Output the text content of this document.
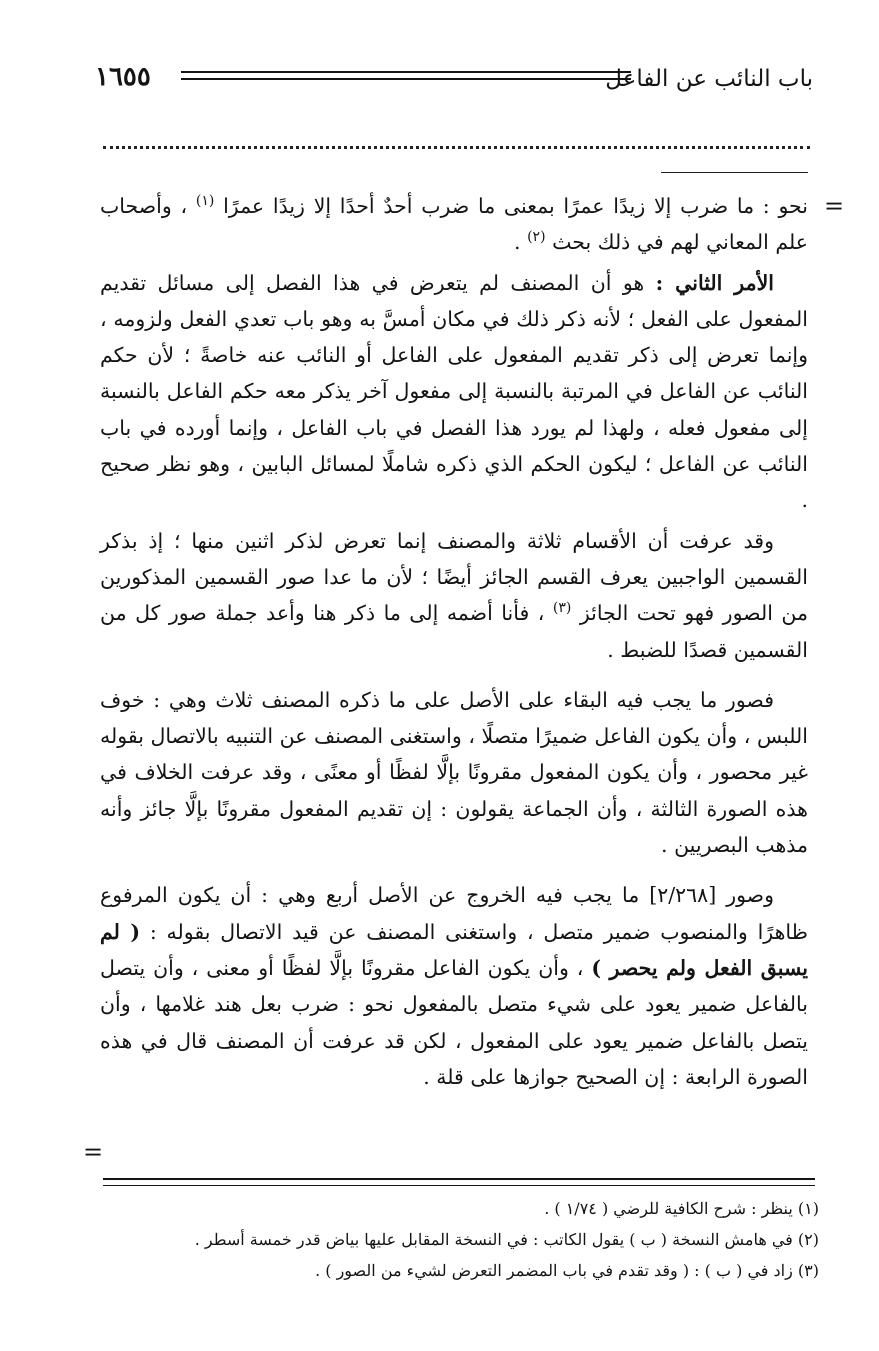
باب النائب عن الفاعل
١٦٥٥
=

نحو : ما ضرب إلا زيدًا عمرًا بمعنى ما ضرب أحدٌ أحدًا إلا زيدًا عمرًا $^{(١)}$ ، وأصحاب علم المعاني لهم في ذلك بحث $^{(٢)}$ .

الأمر الثاني : هو أن المصنف لم يتعرض في هذا الفصل إلى مسائل تقديم المفعول على الفعل ؛ لأنه ذكر ذلك في مكان أمسَّ به وهو باب تعدي الفعل ولزومه ، وإنما تعرض إلى ذكر تقديم المفعول على الفاعل أو النائب عنه خاصةً ؛ لأن حكم النائب عن الفاعل في المرتبة بالنسبة إلى مفعول آخر يذكر معه حكم الفاعل بالنسبة إلى مفعول فعله ، ولهذا لم يورد هذا الفصل في باب الفاعل ، وإنما أورده في باب النائب عن الفاعل ؛ ليكون الحكم الذي ذكره شاملًا لمسائل البابين ، وهو نظر صحيح .

وقد عرفت أن الأقسام ثلاثة والمصنف إنما تعرض لذكر اثنين منها ؛ إذ بذكر القسمين الواجبين يعرف القسم الجائز أيضًا ؛ لأن ما عدا صور القسمين المذكورين من الصور فهو تحت الجائز $^{(٣)}$ ، فأنا أضمه إلى ما ذكر هنا وأعد جملة صور كل من القسمين قصدًا للضبط .

فصور ما يجب فيه البقاء على الأصل على ما ذكره المصنف ثلاث وهي : خوف اللبس ، وأن يكون الفاعل ضميرًا متصلًا ، واستغنى المصنف عن التنبيه بالاتصال بقوله غير محصور ، وأن يكون المفعول مقرونًا بإلَّا لفظًا أو معنًى ، وقد عرفت الخلاف في هذه الصورة الثالثة ، وأن الجماعة يقولون : إن تقديم المفعول مقرونًا بإلَّا جائز وأنه مذهب البصريين .

وصور [٢/٢٦٨] ما يجب فيه الخروج عن الأصل أربع وهي : أن يكون المرفوع ظاهرًا والمنصوب ضمير متصل ، واستغنى المصنف عن قيد الاتصال بقوله : ( لم يسبق الفعل ولم يحصر ) ، وأن يكون الفاعل مقرونًا بإلَّا لفظًا أو معنى ، وأن يتصل بالفاعل ضمير يعود على شيء متصل بالمفعول نحو : ضرب بعل هند غلامها ، وأن يتصل بالفاعل ضمير يعود على المفعول ، لكن قد عرفت أن المصنف قال في هذه الصورة الرابعة : إن الصحيح جوازها على قلة .

=

(١) ينظر : شرح الكافية للرضي ( ١/٧٤ ) .

(٢) في هامش النسخة ( ب ) يقول الكاتب : في النسخة المقابل عليها بياض قدر خمسة أسطر .

(٣) زاد في ( ب ) : ( وقد تقدم في باب المضمر التعرض لشيء من الصور ) .
